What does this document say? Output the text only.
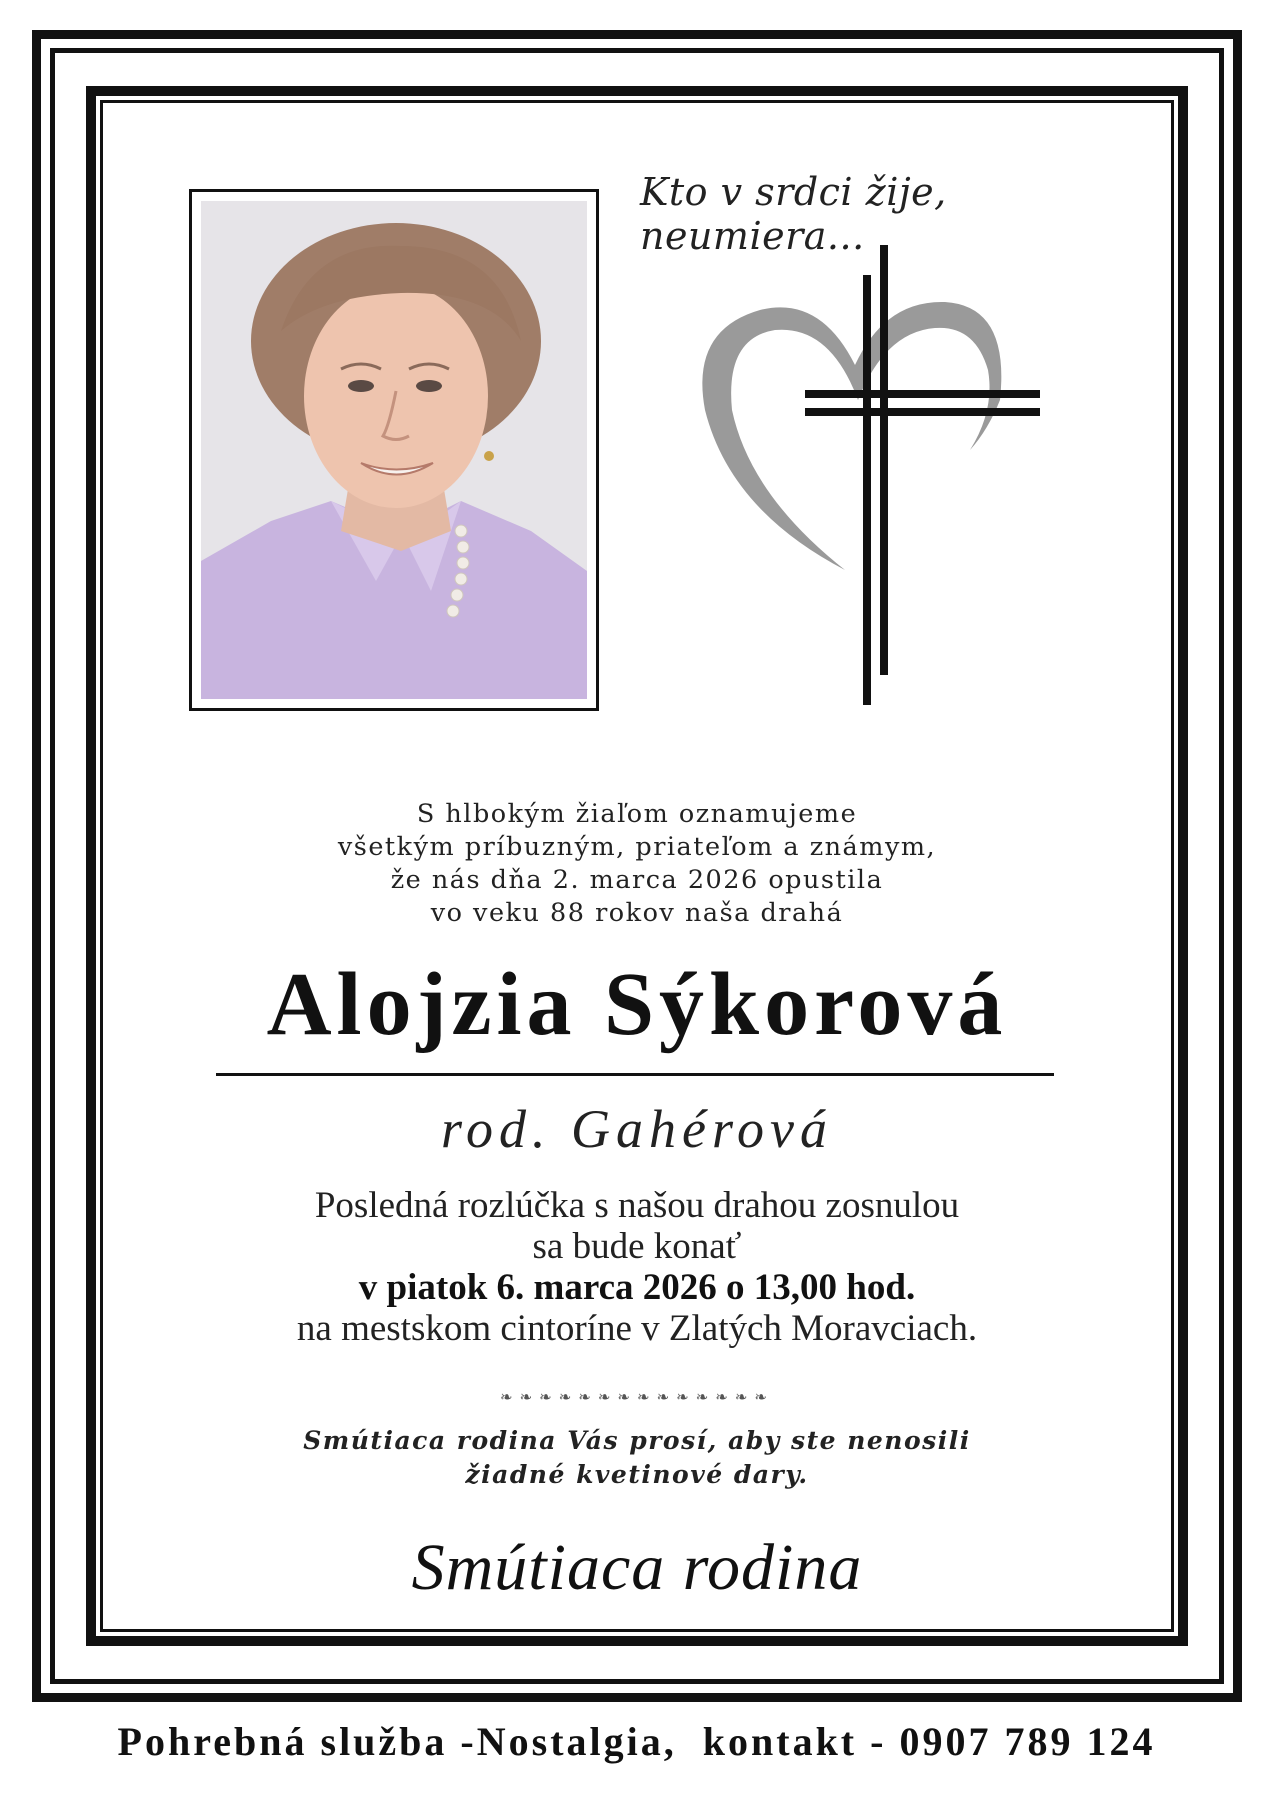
Kto v srdci žije, neumiera...
S hlbokým žiaľom oznamujeme
všetkým príbuzným, priateľom a známym,
že nás dňa 2. marca 2026 opustila
vo veku 88 rokov naša drahá
Alojzia Sýkorová
rod. Gahérová
Posledná rozlúčka s našou drahou zosnulou
sa bude konať
v piatok 6. marca 2026 o 13,00 hod.
na mestskom cintoríne v Zlatých Moravciach.
❧❧❧❧❧❧❧❧❧❧❧❧❧❧
Smútiaca rodina Vás prosí, aby ste nenosili
žiadné kvetinové dary.
Smútiaca rodina
Pohrebná služba -Nostalgia,  kontakt - 0907 789 124
